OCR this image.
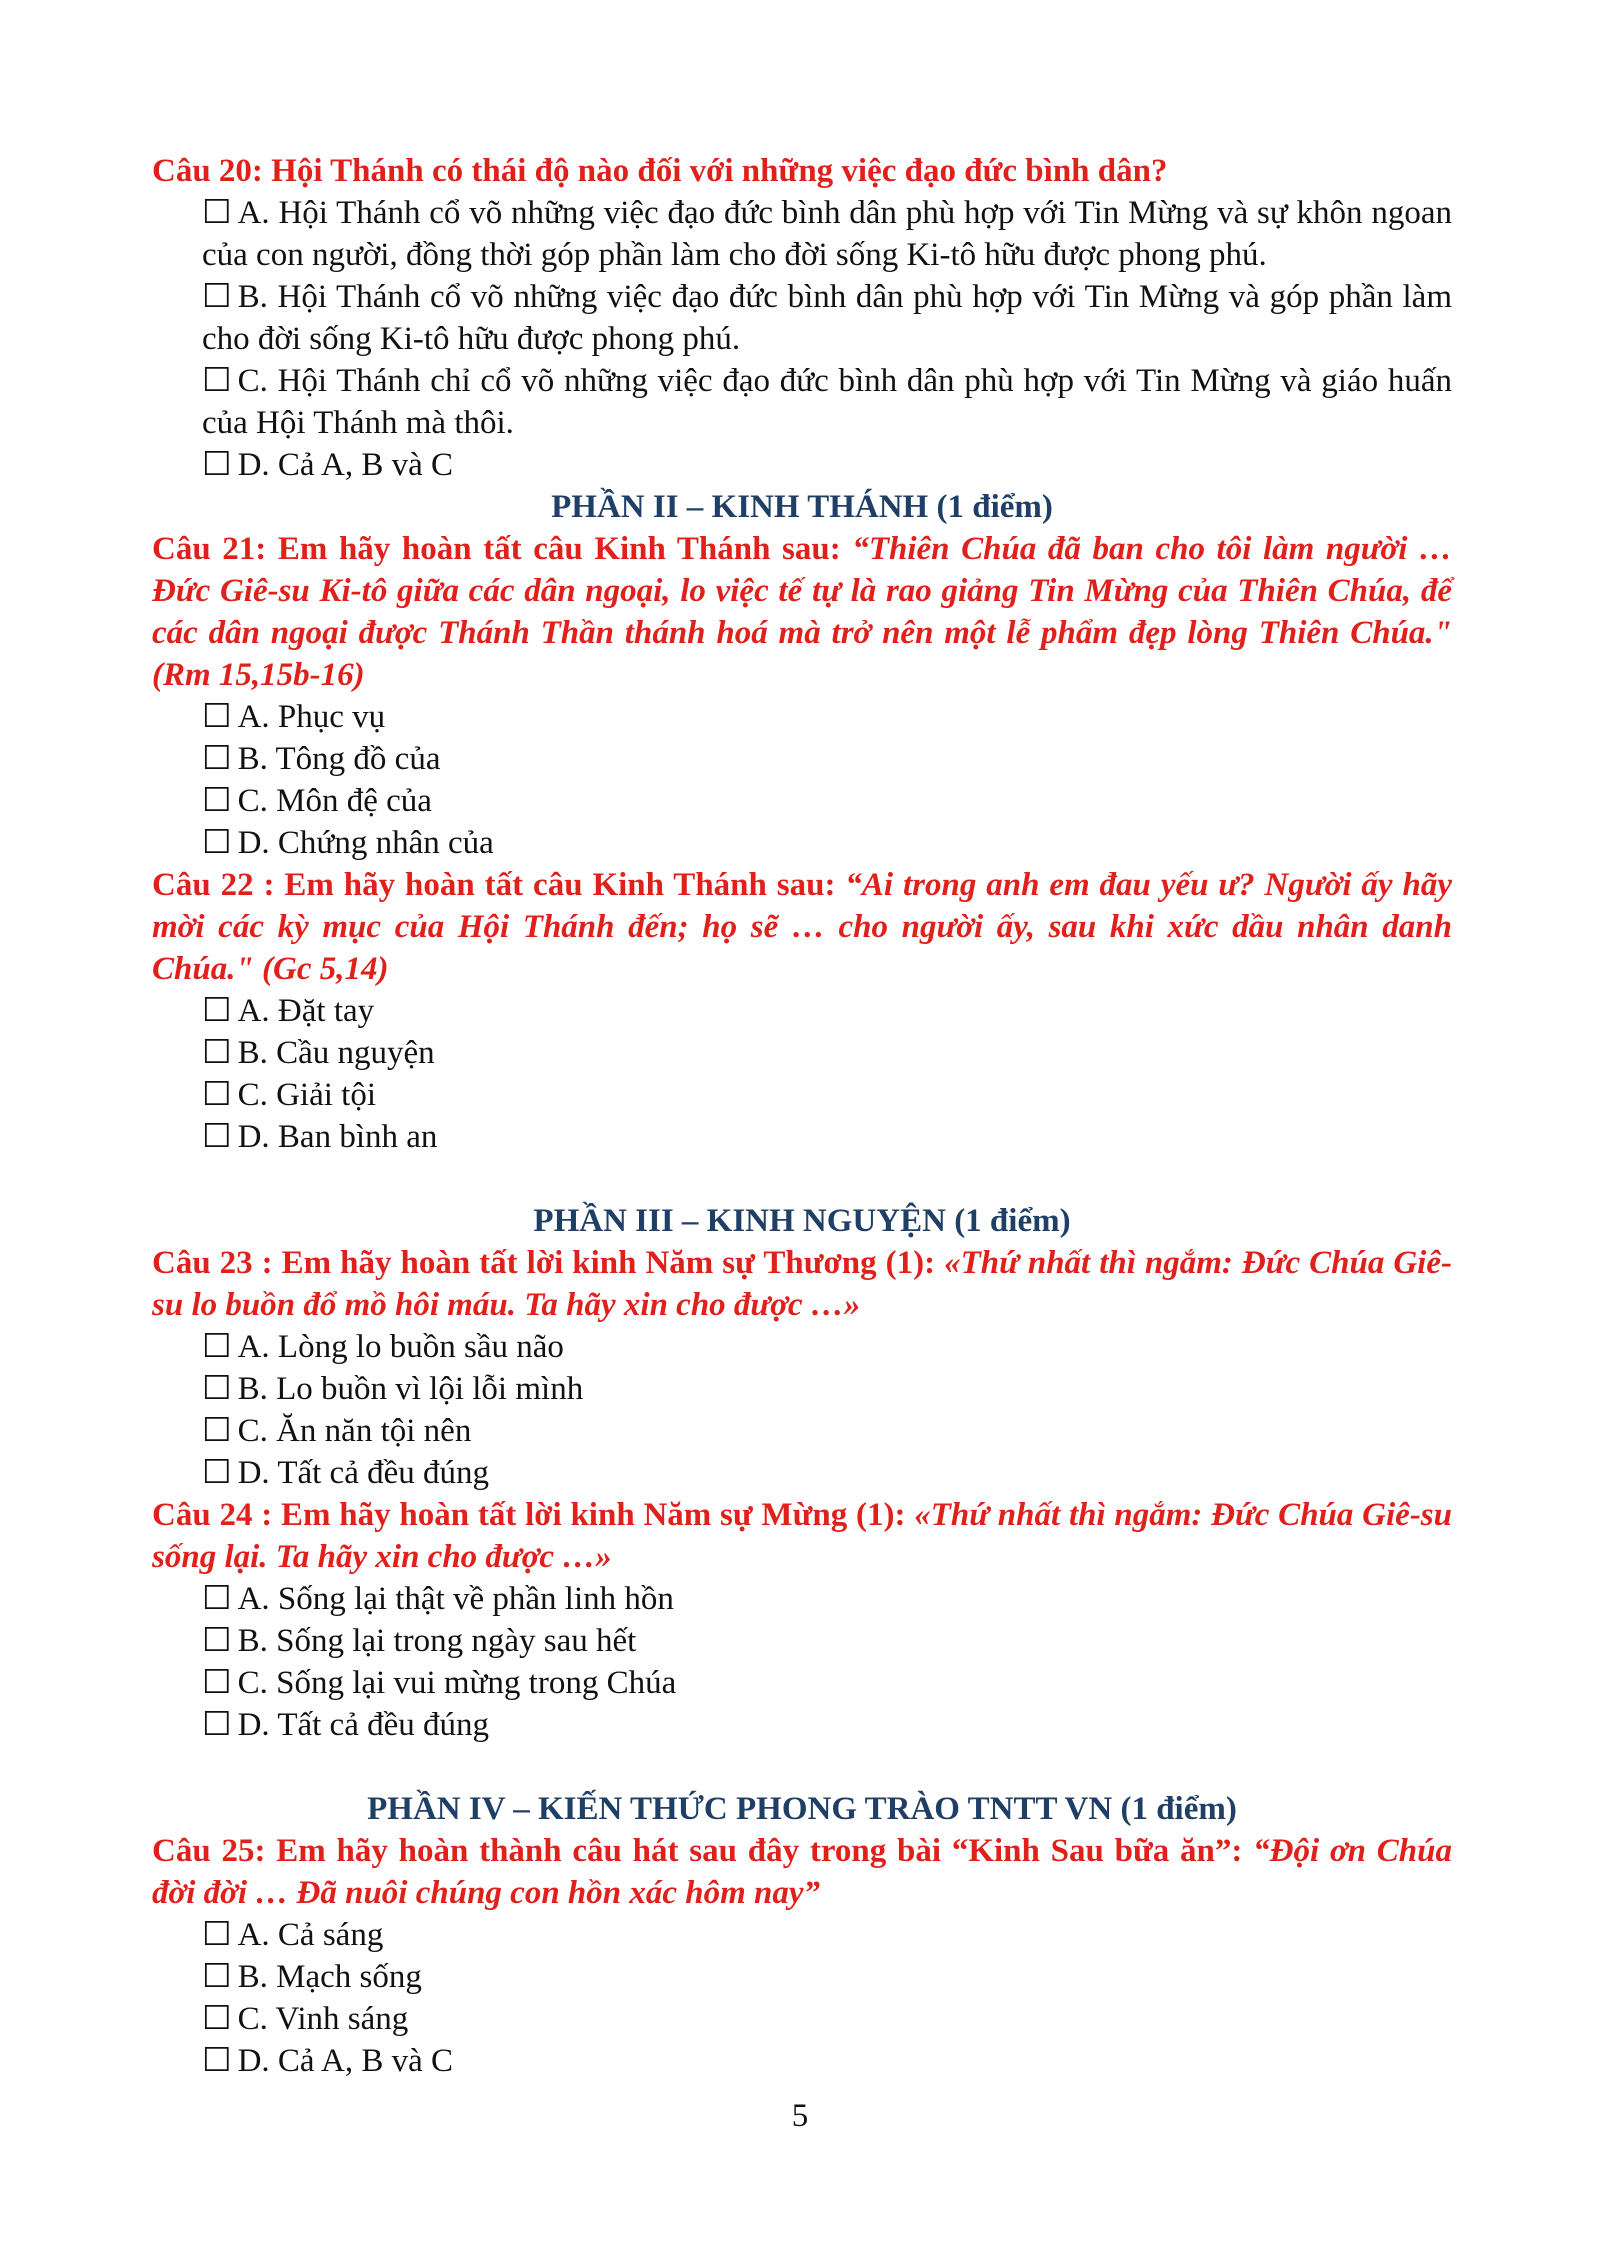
Câu 20: Hội Thánh có thái độ nào đối với những việc đạo đức bình dân?
☐ A. Hội Thánh cổ võ những việc đạo đức bình dân phù hợp với Tin Mừng và sự khôn ngoan của con người, đồng thời góp phần làm cho đời sống Ki-tô hữu được phong phú.
☐ B. Hội Thánh cổ võ những việc đạo đức bình dân phù hợp với Tin Mừng và góp phần làm cho đời sống Ki-tô hữu được phong phú.
☐ C. Hội Thánh chỉ cổ võ những việc đạo đức bình dân phù hợp với Tin Mừng và giáo huấn của Hội Thánh mà thôi.
☐ D. Cả A, B và C
PHẦN II – KINH THÁNH (1 điểm)
Câu 21: Em hãy hoàn tất câu Kinh Thánh sau: “Thiên Chúa đã ban cho tôi làm người … Đức Giê-su Ki-tô giữa các dân ngoại, lo việc tế tự là rao giảng Tin Mừng của Thiên Chúa, để các dân ngoại được Thánh Thần thánh hoá mà trở nên một lễ phẩm đẹp lòng Thiên Chúa." (Rm 15,15b-16)
☐ A. Phục vụ
☐ B. Tông đồ của
☐ C. Môn đệ của
☐ D. Chứng nhân của
Câu 22 : Em hãy hoàn tất câu Kinh Thánh sau: “Ai trong anh em đau yếu ư? Người ấy hãy mời các kỳ mục của Hội Thánh đến; họ sẽ … cho người ấy, sau khi xức dầu nhân danh Chúa." (Gc 5,14)
☐ A. Đặt tay
☐ B. Cầu nguyện
☐ C. Giải tội
☐ D. Ban bình an
PHẦN III – KINH NGUYỆN (1 điểm)
Câu 23 : Em hãy hoàn tất lời kinh Năm sự Thương (1): «Thứ nhất thì ngắm: Đức Chúa Giê-su lo buồn đổ mồ hôi máu. Ta hãy xin cho được …»
☐ A. Lòng lo buồn sầu não
☐ B. Lo buồn vì lội lỗi mình
☐ C. Ăn năn tội nên
☐ D. Tất cả đều đúng
Câu 24 : Em hãy hoàn tất lời kinh Năm sự Mừng (1): «Thứ nhất thì ngắm: Đức Chúa Giê-su sống lại. Ta hãy xin cho được …»
☐ A. Sống lại thật về phần linh hồn
☐ B. Sống lại trong ngày sau hết
☐ C. Sống lại vui mừng trong Chúa
☐ D. Tất cả đều đúng
PHẦN IV – KIẾN THỨC PHONG TRÀO TNTT VN (1 điểm)
Câu 25: Em hãy hoàn thành câu hát sau đây trong bài “Kinh Sau bữa ăn”: “Đội ơn Chúa đời đời … Đã nuôi chúng con hồn xác hôm nay”
☐ A. Cả sáng
☐ B. Mạch sống
☐ C. Vinh sáng
☐ D. Cả A, B và C
5
